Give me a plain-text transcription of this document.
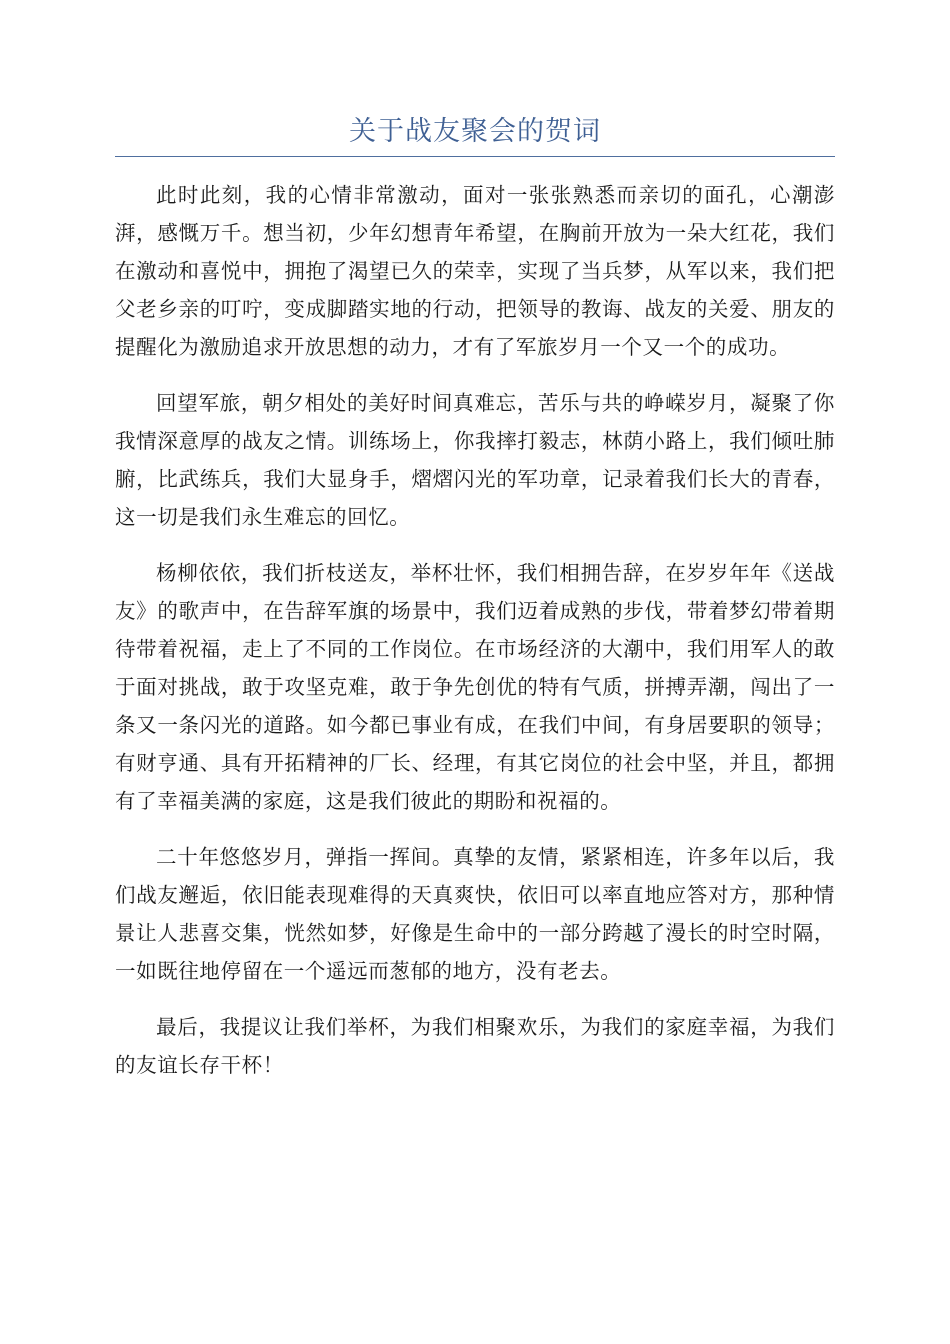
关于战友聚会的贺词

此时此刻，我的心情非常激动，面对一张张熟悉而亲切的面孔，心潮澎湃，感慨万千。想当初，少年幻想青年希望，在胸前开放为一朵大红花，我们在激动和喜悦中，拥抱了渴望已久的荣幸，实现了当兵梦，从军以来，我们把父老乡亲的叮咛，变成脚踏实地的行动，把领导的教诲、战友的关爱、朋友的提醒化为激励追求开放思想的动力，才有了军旅岁月一个又一个的成功。

回望军旅，朝夕相处的美好时间真难忘，苦乐与共的峥嵘岁月，凝聚了你我情深意厚的战友之情。训练场上，你我摔打毅志，林荫小路上，我们倾吐肺腑，比武练兵，我们大显身手，熠熠闪光的军功章，记录着我们长大的青春，这一切是我们永生难忘的回忆。

杨柳依依，我们折枝送友，举杯壮怀，我们相拥告辞，在岁岁年年《送战友》的歌声中，在告辞军旗的场景中，我们迈着成熟的步伐，带着梦幻带着期待带着祝福，走上了不同的工作岗位。在市场经济的大潮中，我们用军人的敢于面对挑战，敢于攻坚克难，敢于争先创优的特有气质，拼搏弄潮，闯出了一条又一条闪光的道路。如今都已事业有成，在我们中间，有身居要职的领导；有财亨通、具有开拓精神的厂长、经理，有其它岗位的社会中坚，并且，都拥有了幸福美满的家庭，这是我们彼此的期盼和祝福的。

二十年悠悠岁月，弹指一挥间。真挚的友情，紧紧相连，许多年以后，我们战友邂逅，依旧能表现难得的天真爽快，依旧可以率直地应答对方，那种情景让人悲喜交集，恍然如梦，好像是生命中的一部分跨越了漫长的时空时隔，一如既往地停留在一个遥远而葱郁的地方，没有老去。

最后，我提议让我们举杯，为我们相聚欢乐，为我们的家庭幸福，为我们的友谊长存干杯！
